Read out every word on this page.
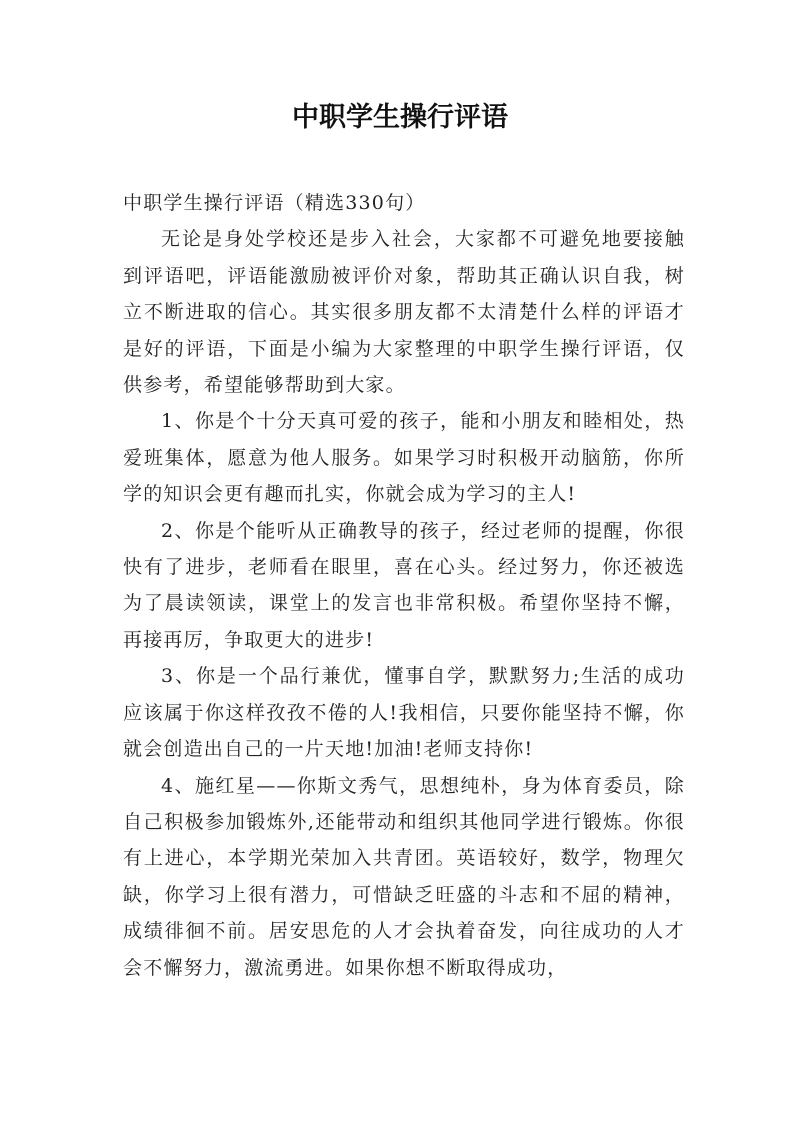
中职学生操行评语

中职学生操行评语（精选330句）

无论是身处学校还是步入社会，大家都不可避免地要接触到评语吧，评语能激励被评价对象，帮助其正确认识自我，树立不断进取的信心。其实很多朋友都不太清楚什么样的评语才是好的评语，下面是小编为大家整理的中职学生操行评语，仅供参考，希望能够帮助到大家。

1、你是个十分天真可爱的孩子，能和小朋友和睦相处，热爱班集体，愿意为他人服务。如果学习时积极开动脑筋，你所学的知识会更有趣而扎实，你就会成为学习的主人!

2、你是个能听从正确教导的孩子，经过老师的提醒，你很快有了进步，老师看在眼里，喜在心头。经过努力，你还被选为了晨读领读，课堂上的发言也非常积极。希望你坚持不懈，再接再厉，争取更大的进步!

3、你是一个品行兼优，懂事自学，默默努力;生活的成功应该属于你这样孜孜不倦的人!我相信，只要你能坚持不懈，你就会创造出自己的一片天地!加油!老师支持你!

4、施红星——你斯文秀气，思想纯朴，身为体育委员，除自己积极参加锻炼外,还能带动和组织其他同学进行锻炼。你很有上进心，本学期光荣加入共青团。英语较好，数学，物理欠缺，你学习上很有潜力，可惜缺乏旺盛的斗志和不屈的精神，成绩徘徊不前。居安思危的人才会执着奋发，向往成功的人才会不懈努力，激流勇进。如果你想不断取得成功，
